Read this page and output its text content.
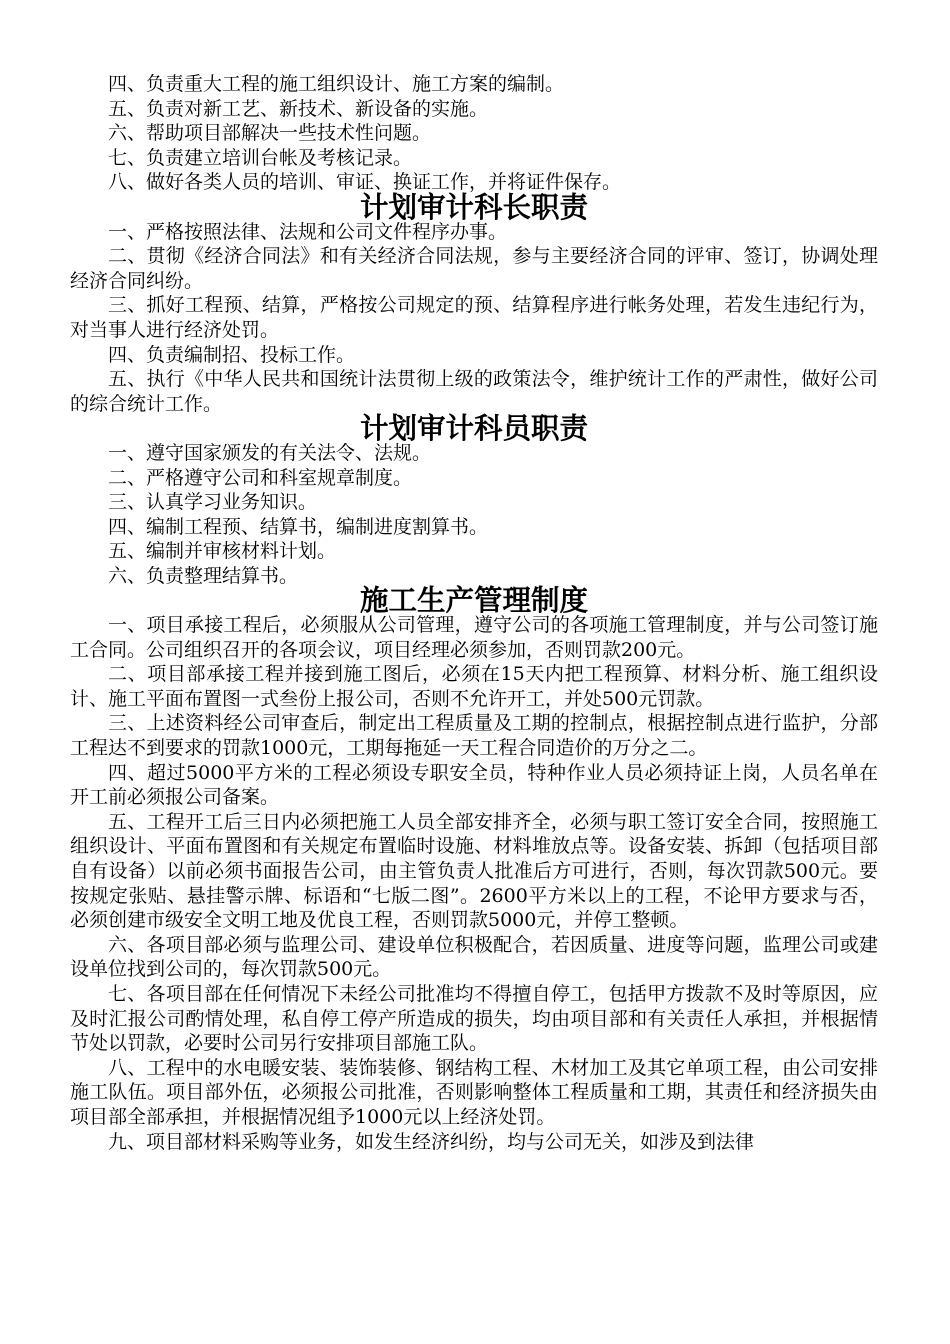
四、负责重大工程的施工组织设计、施工方案的编制。

五、负责对新工艺、新技术、新设备的实施。

六、帮助项目部解决一些技术性问题。

七、负责建立培训台帐及考核记录。

八、做好各类人员的培训、审证、换证工作，并将证件保存。

计划审计科长职责

一、严格按照法律、法规和公司文件程序办事。

二、贯彻《经济合同法》和有关经济合同法规，参与主要经济合同的评审、签订，协调处理经济合同纠纷。

三、抓好工程预、结算，严格按公司规定的预、结算程序进行帐务处理，若发生违纪行为，对当事人进行经济处罚。

四、负责编制招、投标工作。

五、执行《中华人民共和国统计法贯彻上级的政策法令，维护统计工作的严肃性，做好公司的综合统计工作。

计划审计科员职责

一、遵守国家颁发的有关法令、法规。

二、严格遵守公司和科室规章制度。

三、认真学习业务知识。

四、编制工程预、结算书，编制进度割算书。

五、编制并审核材料计划。

六、负责整理结算书。

施工生产管理制度

一、项目承接工程后，必须服从公司管理，遵守公司的各项施工管理制度，并与公司签订施工合同。公司组织召开的各项会议，项目经理必须参加，否则罚款200元。

二、项目部承接工程并接到施工图后，必须在15天内把工程预算、材料分析、施工组织设计、施工平面布置图一式叁份上报公司，否则不允许开工，并处500元罚款。

三、上述资料经公司审查后，制定出工程质量及工期的控制点，根据控制点进行监护，分部工程达不到要求的罚款1000元，工期每拖延一天工程合同造价的万分之二。

四、超过5000平方米的工程必须设专职安全员，特种作业人员必须持证上岗，人员名单在开工前必须报公司备案。

五、工程开工后三日内必须把施工人员全部安排齐全，必须与职工签订安全合同，按照施工组织设计、平面布置图和有关规定布置临时设施、材料堆放点等。设备安装、拆卸（包括项目部自有设备）以前必须书面报告公司，由主管负责人批准后方可进行，否则，每次罚款500元。要按规定张贴、悬挂警示牌、标语和“七版二图”。2600平方米以上的工程，不论甲方要求与否，必须创建市级安全文明工地及优良工程，否则罚款5000元，并停工整顿。

六、各项目部必须与监理公司、建设单位积极配合，若因质量、进度等问题，监理公司或建设单位找到公司的，每次罚款500元。

七、各项目部在任何情况下未经公司批准均不得擅自停工，包括甲方拨款不及时等原因，应及时汇报公司酌情处理，私自停工停产所造成的损失，均由项目部和有关责任人承担，并根据情节处以罚款，必要时公司另行安排项目部施工队。

八、工程中的水电暖安装、装饰装修、钢结构工程、木材加工及其它单项工程，由公司安排施工队伍。项目部外伍，必须报公司批准，否则影响整体工程质量和工期，其责任和经济损失由项目部全部承担，并根据情况组予1000元以上经济处罚。

九、项目部材料采购等业务，如发生经济纠纷，均与公司无关，如涉及到法律
